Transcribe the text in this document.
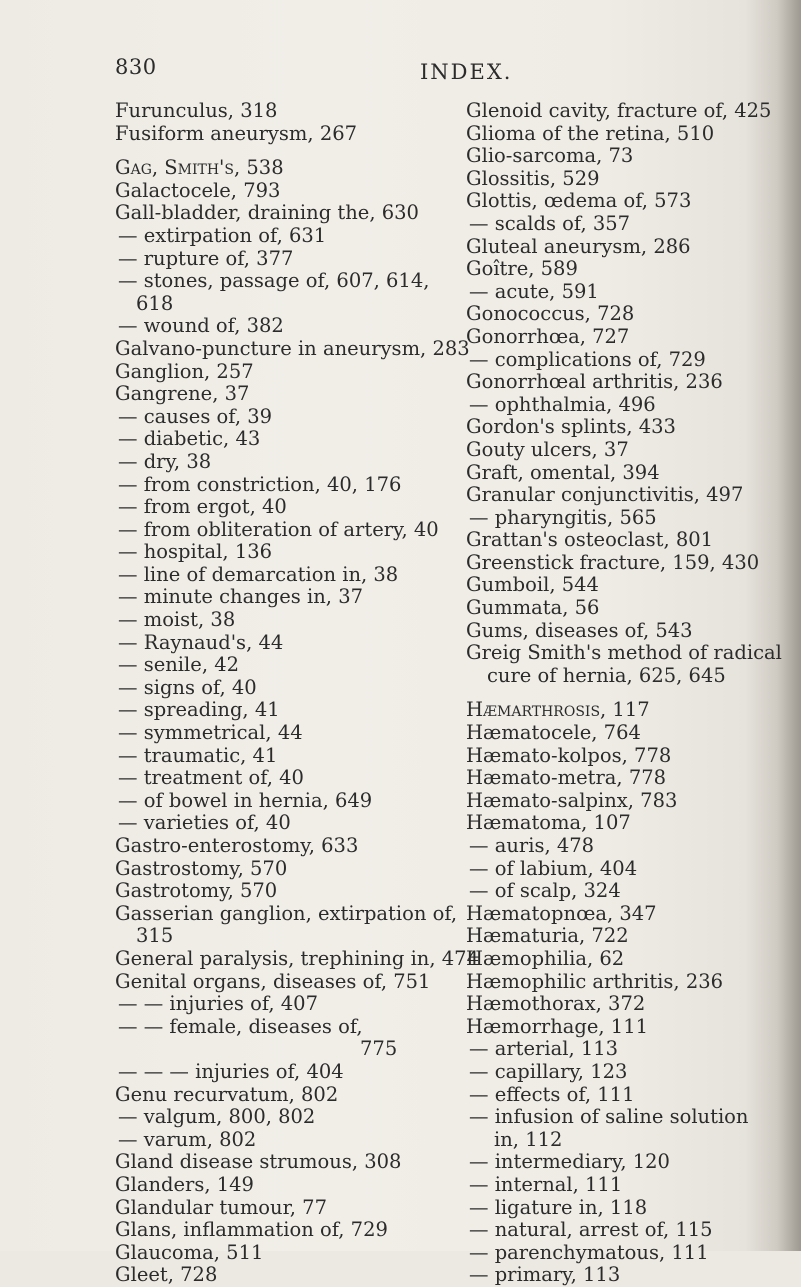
830	INDEX.
Furunculus, 318
Fusiform aneurysm, 267
Gag, Smith's, 538
Galactocele, 793
Gall-bladder, draining the, 630
— extirpation of, 631
— rupture of, 377
— stones, passage of, 607, 614,
618
— wound of, 382
Galvano-puncture in aneurysm, 283
Ganglion, 257
Gangrene, 37
— causes of, 39
— diabetic, 43
— dry, 38
— from constriction, 40, 176
— from ergot, 40
— from obliteration of artery, 40
— hospital, 136
— line of demarcation in, 38
— minute changes in, 37
— moist, 38
— Raynaud's, 44
— senile, 42
— signs of, 40
— spreading, 41
— symmetrical, 44
— traumatic, 41
— treatment of, 40
— of bowel in hernia, 649
— varieties of, 40
Gastro-enterostomy, 633
Gastrostomy, 570
Gastrotomy, 570
Gasserian ganglion, extirpation of,
315
General paralysis, trephining in, 474
Genital organs, diseases of, 751
— — injuries of, 407
— — female, diseases of,
775
— — — injuries of, 404
Genu recurvatum, 802
— valgum, 800, 802
— varum, 802
Gland disease strumous, 308
Glanders, 149
Glandular tumour, 77
Glans, inflammation of, 729
Glaucoma, 511
Gleet, 728
Glenoid cavity, fracture of, 425
Glioma of the retina, 510
Glio-sarcoma, 73
Glossitis, 529
Glottis, œdema of, 573
— scalds of, 357
Gluteal aneurysm, 286
Goître, 589
— acute, 591
Gonococcus, 728
Gonorrhœa, 727
— complications of, 729
Gonorrhœal arthritis, 236
— ophthalmia, 496
Gordon's splints, 433
Gouty ulcers, 37
Graft, omental, 394
Granular conjunctivitis, 497
— pharyngitis, 565
Grattan's osteoclast, 801
Greenstick fracture, 159, 430
Gumboil, 544
Gummata, 56
Gums, diseases of, 543
Greig Smith's method of radical
cure of hernia, 625, 645
Hæmarthrosis, 117
Hæmatocele, 764
Hæmato-kolpos, 778
Hæmato-metra, 778
Hæmato-salpinx, 783
Hæmatoma, 107
— auris, 478
— of labium, 404
— of scalp, 324
Hæmatopnœa, 347
Hæmaturia, 722
Hæmophilia, 62
Hæmophilic arthritis, 236
Hæmothorax, 372
Hæmorrhage, 111
— arterial, 113
— capillary, 123
— effects of, 111
— infusion of saline solution
in, 112
— intermediary, 120
— internal, 111
— ligature in, 118
— natural, arrest of, 115
— parenchymatous, 111
— primary, 113
